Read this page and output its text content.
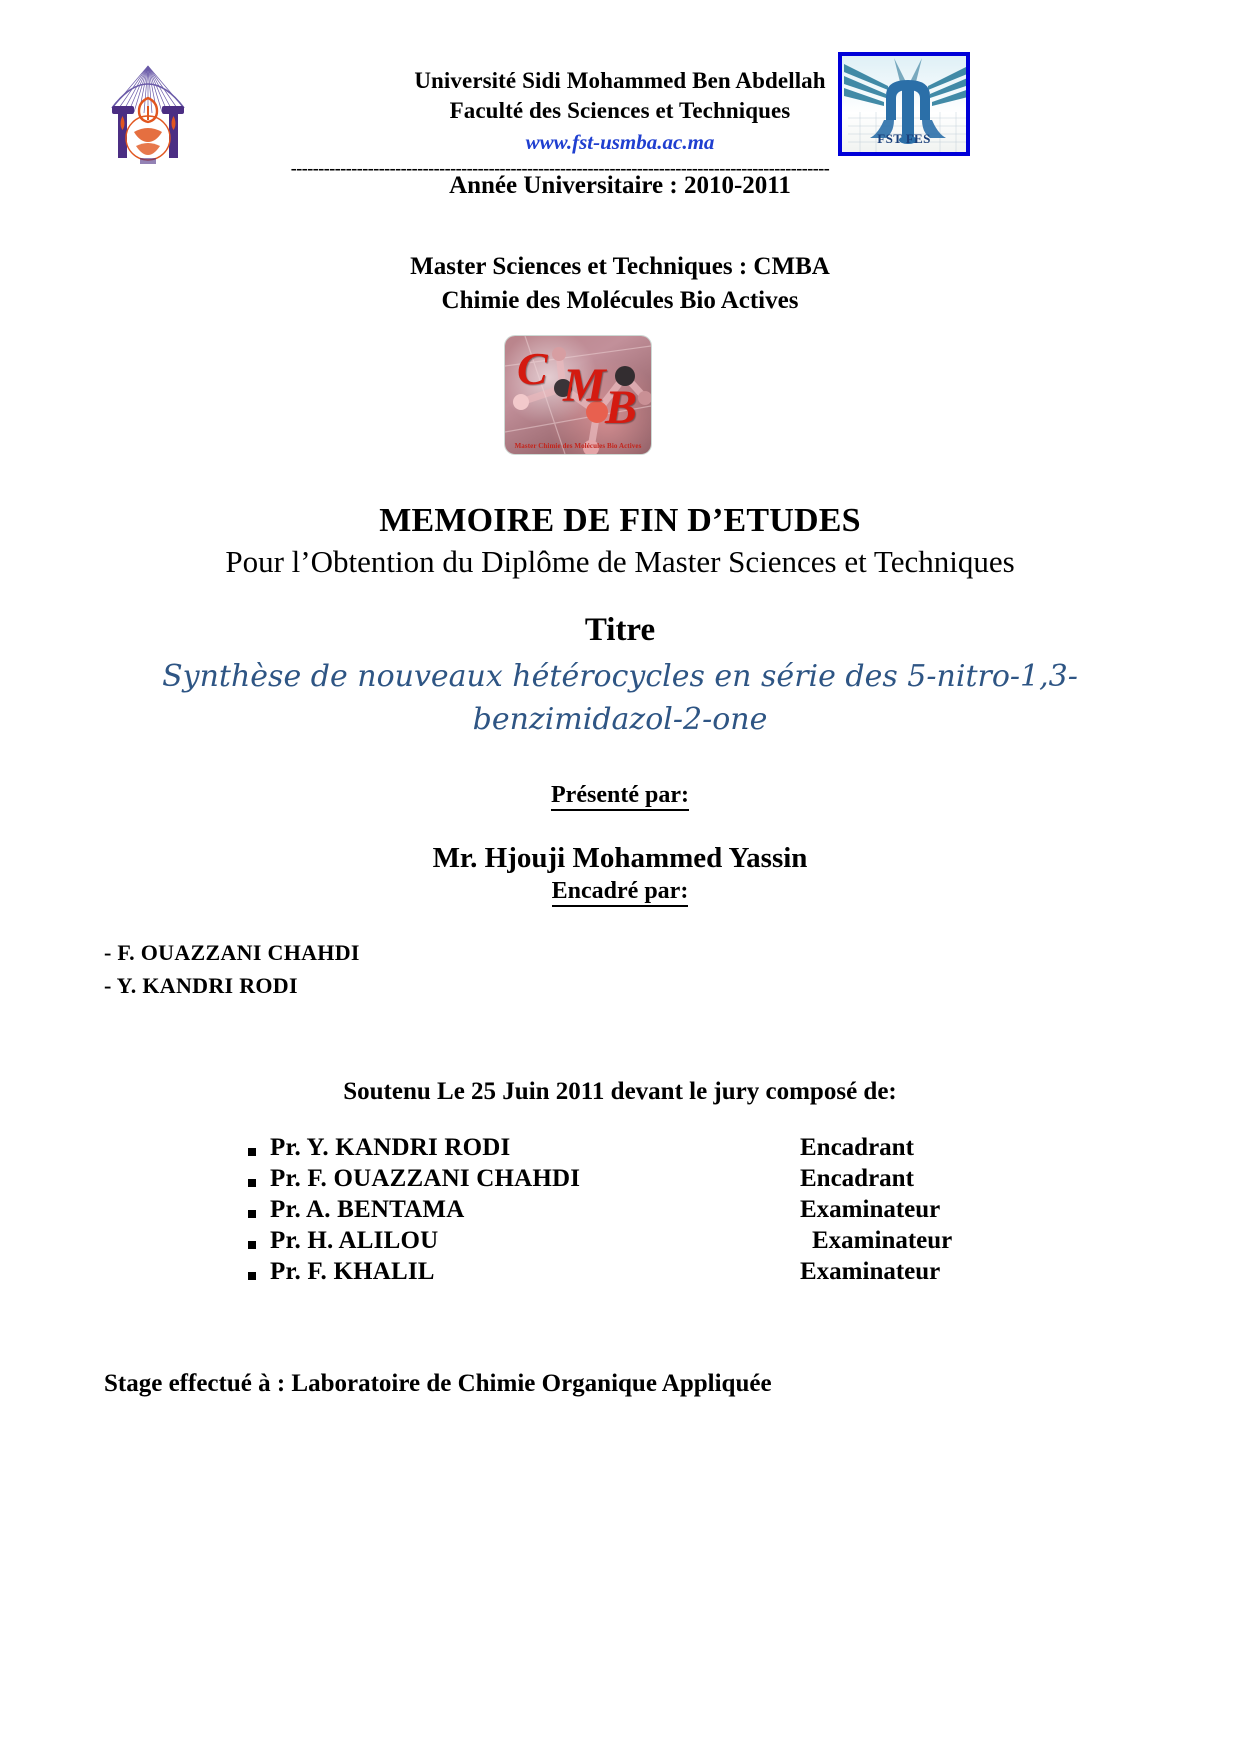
Université Sidi Mohammed Ben Abdellah
Faculté des Sciences et Techniques
www.fst-usmba.ac.ma	FST FES
--------------------------------------------------------------------------------------------------
Année Universitaire : 2010-2011
Master Sciences et Techniques : CMBA
Chimie des Molécules Bio Actives
C M B
Master Chimie des Molécules Bio Actives
MEMOIRE DE FIN D’ETUDES
Pour l’Obtention du Diplôme de Master Sciences et Techniques
Titre
Synthèse de nouveaux hétérocycles en série des 5-nitro-1,3-benzimidazol-2-one
Présenté par:
Mr. Hjouji Mohammed Yassin
Encadré par:
- F. OUAZZANI CHAHDI
- Y. KANDRI RODI
Soutenu Le 25 Juin 2011 devant le jury composé de:
Pr. Y. KANDRI RODI	Encadrant
Pr. F. OUAZZANI CHAHDI	Encadrant
Pr. A. BENTAMA	Examinateur
Pr. H. ALILOU	Examinateur
Pr. F. KHALIL	Examinateur
Stage effectué à : Laboratoire de Chimie Organique Appliquée
